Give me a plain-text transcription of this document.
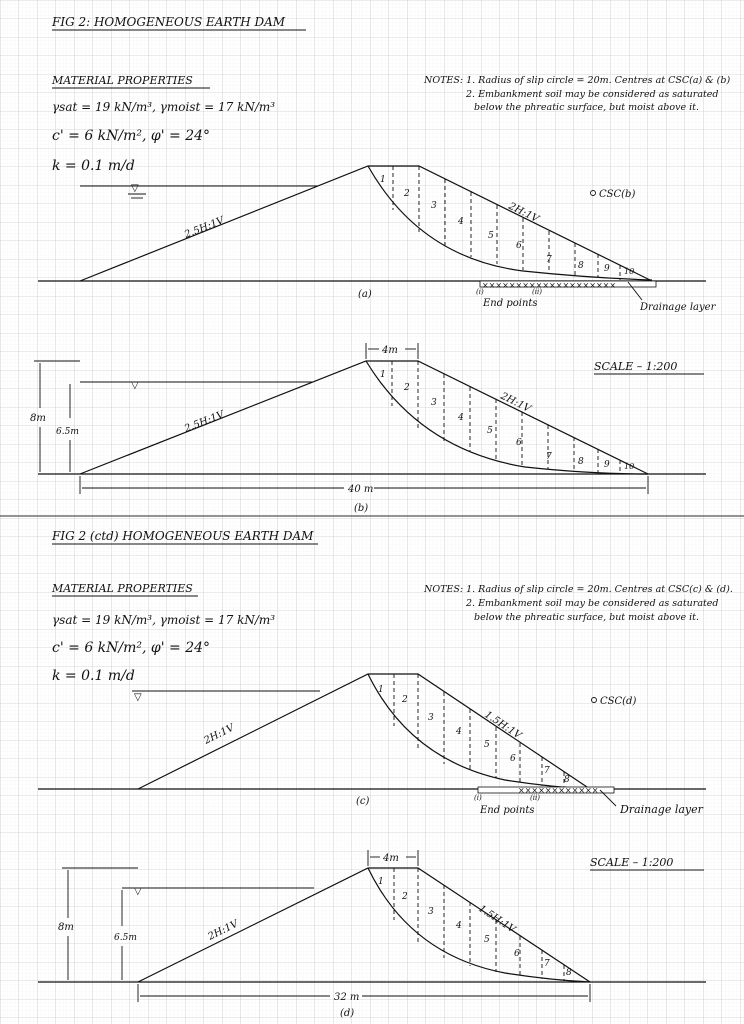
FIG 2: HOMOGENEOUS EARTH DAM
MATERIAL PROPERTIES
γsat = 19 kN/m³, γmoist = 17 kN/m³
c' = 6 kN/m², φ' = 24°
k = 0.1 m/d
NOTES: 1. Radius of slip circle = 20m. Centres at CSC(a) & (b)
2. Embankment soil may be considered as saturated
below the phreatic surface, but moist above it.
▽
1
2
3
4
5
6
7
8 9 10
2.5H:1V
2H:1V
CSC(b)
××××××××××××××××××××
(i)	(ii)
End points	Drainage layer
(a)
▽
1
2
3
4
5
6
7	8 9 10
2.5H:1V
2H:1V
4m
8m
6.5m
40 m
SCALE – 1:200
(b)
FIG 2 (ctd) HOMOGENEOUS EARTH DAM
MATERIAL PROPERTIES
γsat = 19 kN/m³, γmoist = 17 kN/m³
c' = 6 kN/m², φ' = 24°
k = 0.1 m/d
NOTES: 1. Radius of slip circle = 20m. Centres at CSC(c) & (d).
2. Embankment soil may be considered as saturated
below the phreatic surface, but moist above it.
▽
1
2
3
4
5
6
7
8
2H:1V	1.5H:1V
CSC(d)
××××××××××××
(i)	(ii)
End points	Drainage layer
(c)
▽
1
2
3
4
5
6
7
8
2H:1V	1.5H:1V
4m
8m
6.5m
32 m
SCALE – 1:200
(d)
